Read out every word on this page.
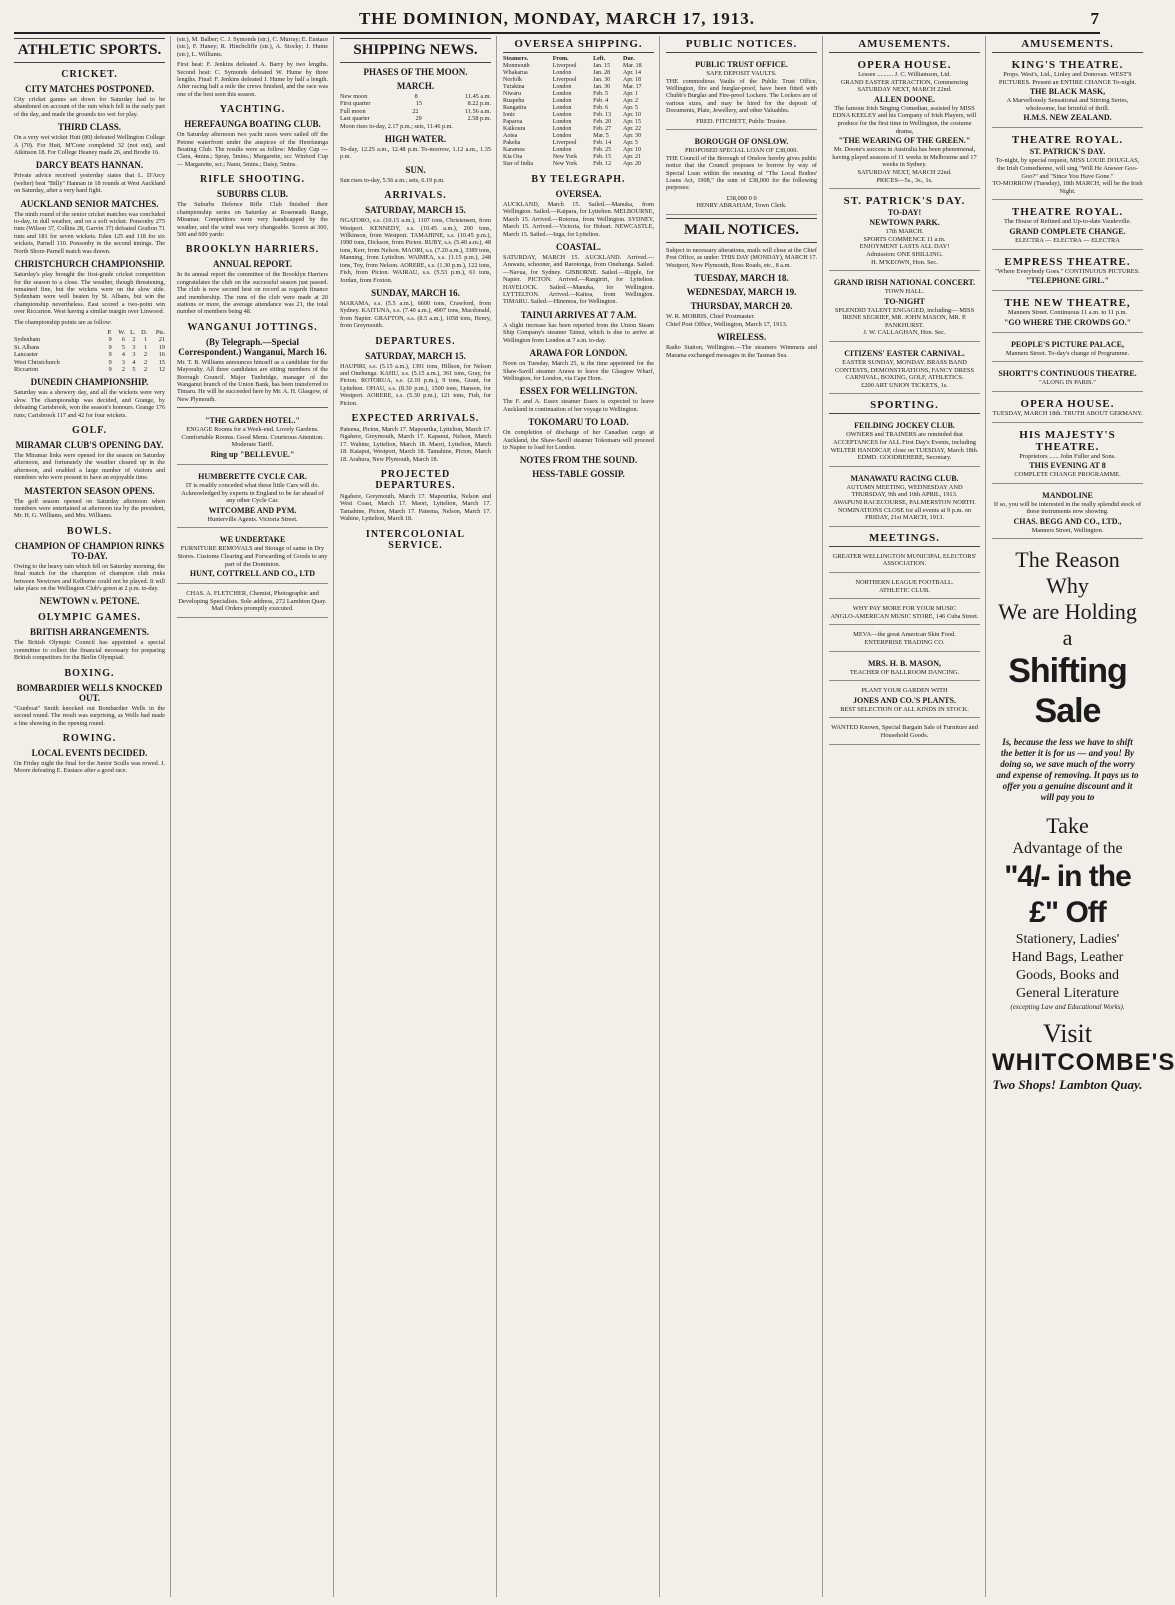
THE DOMINION, MONDAY, MARCH 17, 1913.	7
ATHLETIC SPORTS.
CRICKET.
CITY MATCHES POSTPONED.

City cricket games set down for Saturday had to be abandoned on account of the rain which fell in the early part of the day, and made the grounds too wet for play.

THIRD CLASS.

On a very wet wicket Hutt (80) defeated Wellington College A (70). For Hutt, M'Cone completed 32 (not out), and Atkinson 18. For College Heaney made 26, and Brodie 16.

DARCY BEATS HANNAN.

Private advice received yesterday states that L. D'Arcy (welter) beat "Billy" Hannan in 18 rounds at West Auckland on Saturday, after a very hard fight.

AUCKLAND SENIOR MATCHES.

The ninth round of the senior cricket matches was concluded to-day, in dull weather, and on a soft wicket. Ponsonby 275 runs (Wilson 37, Collins 28, Garvin 37) defeated Grafton 71 runs and 181 for seven wickets. Eden 125 and 118 for six wickets, Parnell 110. Ponsonby in the second innings. The North Shore-Parnell match was drawn.

CHRISTCHURCH CHAMPIONSHIP.

Saturday's play brought the first-grade cricket competition for the season to a close. The weather, though threatening, remained fine, but the wickets were on the slow side. Sydenham were well beaten by St. Albans, but win the championship nevertheless. East scored a two-point win over Riccarton. West having a similar margin over Linwood.

The championship points are as follow:

	P.	W.	L.	D.	Pts.
Sydenham	9	6	2	1	21
St. Albans	9	5	3	1	19
Lancaster	9	4	3	2	16
West Christchurch	9	3	4	2	15
Riccarton	9	2	5	2	12
DUNEDIN CHAMPIONSHIP.

Saturday was a showery day, and all the wickets were very slow. The championship was decided, and Grange, by defeating Carisbrook, won the season's honours. Grange 176 runs; Carisbrook 117 and 42 for four wickets.

GOLF.
MIRAMAR CLUB'S OPENING DAY.

The Miramar links were opened for the season on Saturday afternoon, and fortunately the weather cleared up in the afternoon, and enabled a large number of visitors and members who were present to have an enjoyable time.

MASTERTON SEASON OPENS.

The golf season opened on Saturday afternoon when members were entertained at afternoon tea by the president, Mr. H. G. Williams, and Mrs. Williams.

BOWLS.
CHAMPION OF CHAMPION RINKS TO-DAY.

Owing to the heavy rain which fell on Saturday morning, the final match for the champion of champion club rinks between Newtown and Kelburne could not be played. It will take place on the Wellington Club's green at 2 p.m. to-day.

NEWTOWN v. PETONE.
OLYMPIC GAMES.
BRITISH ARRANGEMENTS.

The British Olympic Council has appointed a special committee to collect the financial necessary for preparing British competitors for the Berlin Olympiad.

BOXING.
BOMBARDIER WELLS KNOCKED OUT.

"Gunboat" Smith knocked out Bombardier Wells in the second round. The result was surprising, as Wells had made a fine showing in the opening round.

ROWING.
LOCAL EVENTS DECIDED.

On Friday night the final for the Junior Sculls was rowed. J. Moore defeating E. Eustace after a good race.

(str.), M. Balber; C. J. Symonds (str.), C. Murray; E. Eustace (str.), F. Haney; R. Hinchcliffe (str.), A. Stocky; J. Hume (str.), L. Williams.

First heat: F. Jenkins defeated A. Barry by two lengths. Second heat: C. Symonds defeated W. Hume by three lengths. Final: F. Jenkins defeated J. Hume by half a length. After racing half a mile the crews finished, and the race was one of the best seen this season.

YACHTING.
HEREFAUNGA BOATING CLUB.

On Saturday afternoon two yacht races were sailed off the Petone waterfront under the auspices of the Herefaunga Boating Club. The results were as follow: Medley Cup — Clara, 4mins.; Spray, 5mins.; Margarette, scr. Winford Cup — Margarette, scr.; Nanu, 5mins.; Daisy, 5mins.

RIFLE SHOOTING.
SUBURBS CLUB.

The Suburbs Defence Rifle Club finished their championship series on Saturday at Roseneath Range, Miramar. Competitors were very handicapped by the weather, and the wind was very changeable. Scores at 300, 500 and 600 yards:

BROOKLYN HARRIERS.
ANNUAL REPORT.

In its annual report the committee of the Brooklyn Harriers congratulates the club on the successful season just passed. The club is now second best on record as regards finance and membership. The runs of the club were made at 20 stations or more, the average attendance was 21, the total number of members being 48.

WANGANUI JOTTINGS.
(By Telegraph.—Special Correspondent.) Wanganui, March 16.

Mr. T. B. Williams announces himself as a candidate for the Mayoralty. All three candidates are sitting members of the Borough Council. Major Tunbridge, manager of the Wanganui branch of the Union Bank, has been transferred to Timaru. He will be succeeded here by Mr. A. H. Glasgow, of New Plymouth.

"THE GARDEN HOTEL."
ENGAGE Rooms for a Week-end. Lovely Gardens. Comfortable Rooms. Good Menu. Courteous Attention. Moderate Tariff.
Ring up "BELLEVUE."
HUMBERETTE CYCLE CAR.
IT is readily conceded what these little Cars will do. Acknowledged by experts in England to be far ahead of any other Cycle Car.
WITCOMBE AND PYM.
Hunterville Agents. Victoria Street.
WE UNDERTAKE
FURNITURE REMOVALS and Storage of same in Dry Stores. Customs Clearing and Forwarding of Goods to any part of the Dominion.
HUNT, COTTRELL AND CO., LTD
CHAS. A. FLETCHER, Chemist, Photographic and Developing Specialists. Sole address, 272 Lambton Quay. Mail Orders promptly executed.
SHIPPING NEWS.
PHASES OF THE MOON.
MARCH.
New moon	8	11.45 a.m.
First quarter	15	8.22 p.m.
Full moon	22	11.56 a.m.
Last quarter	29	2.58 p.m.

Moon rises to-day, 2.17 p.m.; sets, 11.46 p.m.

HIGH WATER.

To-day, 12.25 a.m., 12.48 p.m. To-morrow, 1.12 a.m., 1.35 p.m.

SUN.

Sun rises to-day, 5.56 a.m.; sets, 6.19 p.m.

ARRIVALS.
SATURDAY, MARCH 15.

NGATORO, s.s. (10.15 a.m.), 1107 tons, Christensen, from Westport. KENNEDY, s.s. (10.45 a.m.), 200 tons, Wilkinson, from Westport. TAMAHINE, s.s. (10.45 p.m.), 1990 tons, Dickson, from Picton. RUBY, s.s. (5.40 a.m.), 48 tons, Kerr, from Nelson. MAORI, s.s. (7.20 a.m.), 3389 tons, Manning, from Lyttelton. WAIMEA, s.s. (1.15 p.m.), 248 tons, Toy, from Nelson. AORERE, s.s. (1.30 p.m.), 122 tons, Fish, from Picton. WAIRAU, s.s. (5.53 p.m.), 61 tons, Jordan, from Foxton.

SUNDAY, MARCH 16.

MARAMA, s.s. (5.5 a.m.), 6600 tons, Crawford, from Sydney. KAITUNA, s.s. (7.40 a.m.), 4907 tons, Macdonald, from Napier. GRAFTON, s.s. (8.5 a.m.), 1058 tons, Henry, from Greymouth.

DEPARTURES.
SATURDAY, MARCH 15.

HAUPIRI, s.s. (5.15 a.m.), 1391 tons, Hillson, for Nelson and Onehunga. KAHU, s.s. (5.15 a.m.), 361 tons, Gray, for Picton. ROTORUA, s.s. (2.10 p.m.), 9 tons, Grant, for Lyttelton. OHAU, s.s. (8.30 p.m.), 1500 tons, Hanson, for Westport. AORERE, s.s. (5.30 p.m.), 121 tons, Fish, for Picton.

EXPECTED ARRIVALS.

Pateena, Picton, March 17. Mapourika, Lyttelton, March 17. Ngahere, Greymouth, March 17. Kapanui, Nelson, March 17. Wahine, Lyttelton, March 18. Maori, Lyttelton, March 18. Kaiapoi, Westport, March 18. Tamahine, Picton, March 18. Arahura, New Plymouth, March 18.

PROJECTED DEPARTURES.

Ngahere, Greymouth, March 17. Mapourika, Nelson and West Coast, March 17. Maori, Lyttelton, March 17. Tamahine, Picton, March 17. Pateena, Nelson, March 17. Wahine, Lyttelton, March 18.

INTERCOLONIAL SERVICE.
OVERSEA SHIPPING.
Steamers.	From.	Left.	Due.
Monmouth	Liverpool	Jan. 15	Mar. 18
Whakarua	London	Jan. 28	Apr. 14
Norfolk	Liverpool	Jan. 30	Apr. 18
Turakina	London	Jan. 30	Mar. 17
Niwaru	London	Feb. 5	Apr. 1
Ruapehu	London	Feb. 4	Apr. 2
Rangatira	London	Feb. 6	Apr. 5
Ionic	London	Feb. 13	Apr. 10
Paparoa	London	Feb. 20	Apr. 15
Kaikoura	London	Feb. 27	Apr. 22
Aotea	London	Mar. 5	Apr. 30
Pakeha	Liverpool	Feb. 14	Apr. 5
Karamea	London	Feb. 25	Apr. 10
Kia Ora	New York	Feb. 15	Apr. 21
Star of India	New York	Feb. 12	Apr. 20
BY TELEGRAPH.
OVERSEA.

AUCKLAND, March 15. Sailed.—Manuka, from Wellington. Sailed.—Kaipara, for Lyttelton. MELBOURNE, March 15. Arrived.—Rotorua, from Wellington. SYDNEY, March 15. Arrived.—Victoria, for Hobart. NEWCASTLE, March 15. Sailed.—Inga, for Lyttelton.

COASTAL.

SATURDAY, MARCH 15. AUCKLAND. Arrived.—Arawatu, schooner, and Rarotonga, from Onehunga. Sailed.—Navua, for Sydney. GISBORNE. Sailed.—Ripple, for Napier. PICTON. Arrived.—Rangiriri, for Lyttelton. HAVELOCK. Sailed.—Manuka, for Wellington. LYTTELTON. Arrived.—Kaitoa, from Wellington. TIMARU. Sailed.—Hinemoa, for Wellington.

TAINUI ARRIVES AT 7 A.M.

A slight increase has been reported from the Union Steam Ship Company's steamer Tainui, which is due to arrive at Wellington from London at 7 a.m. to-day.

ARAWA FOR LONDON.

Noon on Tuesday, March 25, is the time appointed for the Shaw-Savill steamer Arawa to leave the Glasgow Wharf, Wellington, for London, via Cape Horn.

ESSEX FOR WELLINGTON.

The F. and A. Essex steamer Essex is expected to leave Auckland in continuation of her voyage to Wellington.

TOKOMARU TO LOAD.

On completion of discharge of her Canadian cargo at Auckland, the Shaw-Savill steamer Tokomaru will proceed to Napier to load for London.

NOTES FROM THE SOUND.
HESS-TABLE GOSSIP.
PUBLIC NOTICES.
PUBLIC TRUST OFFICE.
SAFE DEPOSIT VAULTS.

THE commodious Vaults of the Public Trust Office, Wellington, fire and burglar-proof, have been fitted with Chubb's Burglar and Fire-proof Lockers. The Lockers are of various sizes, and may be hired for the deposit of Documents, Plate, Jewellery, and other Valuables.

FRED. FITCHETT, Public Trustee.
BOROUGH OF ONSLOW.
PROPOSED SPECIAL LOAN OF £38,000.

THE Council of the Borough of Onslow hereby gives public notice that the Council proposes to borrow by way of Special Loan within the meaning of "The Local Bodies' Loans Act, 1908," the sum of £38,000 for the following purposes:

£38,000 0 0
HENRY ABRAHAM, Town Clerk.
MAIL NOTICES.

Subject to necessary alterations, mails will close at the Chief Post Office, as under: THIS DAY (MONDAY), MARCH 17. Westport, New Plymouth, Ross Roads, etc., 8 a.m.

TUESDAY, MARCH 18.
WEDNESDAY, MARCH 19.
THURSDAY, MARCH 20.
W. R. MORRIS, Chief Postmaster.
Chief Post Office, Wellington, March 17, 1913.
WIRELESS.

Radio Station, Wellington.—The steamers Wimmera and Marama exchanged messages in the Tasman Sea.

AMUSEMENTS.
OPERA HOUSE.
Lessee .......... J. C. Williamson, Ltd.
GRAND EASTER ATTRACTION, Commencing SATURDAY NEXT, MARCH 22nd.
ALLEN DOONE.
The famous Irish Singing Comedian, assisted by MISS EDNA KEELEY and his Company of Irish Players, will produce for the first time in Wellington, the costume drama,
"THE WEARING OF THE GREEN."
Mr. Doone's success in Australia has been phenomenal, having played seasons of 11 weeks in Melbourne and 17 weeks in Sydney.
SATURDAY NEXT, MARCH 22nd.
PRICES—5s., 3s., 1s.
ST. PATRICK'S DAY.
TO-DAY!
NEWTOWN PARK.
17th MARCH.
SPORTS COMMENCE 11 a.m.
ENJOYMENT LASTS ALL DAY!
Admission: ONE SHILLING.
H. M'KEOWN, Hon. Sec.
GRAND IRISH NATIONAL CONCERT.
TOWN HALL.
TO-NIGHT
SPLENDID TALENT ENGAGED, including— MISS IRENE SEGRIEF, MR. JOHN MASON, MR. P. PANKHURST.
J. W. CALLAGHAN, Hon. Sec.
CITIZENS' EASTER CARNIVAL.
EASTER SUNDAY, MONDAY. BRASS BAND CONTESTS, DEMONSTRATIONS, FANCY DRESS CARNIVAL, BOXING, GOLF, ATHLETICS.
£200 ART UNION TICKETS, 1s.
SPORTING.
FEILDING JOCKEY CLUB.
OWNERS and TRAINERS are reminded that ACCEPTANCES for ALL First Day's Events, including WELTER HANDICAP, close on TUESDAY, March 18th.
EDMD. GOODBEHERE, Secretary.
MANAWATU RACING CLUB.
AUTUMN MEETING, WEDNESDAY AND THURSDAY, 9th and 10th APRIL, 1913.
AWAPUNI RACECOURSE, PALMERSTON NORTH.
NOMINATIONS CLOSE for all events at 9 p.m. on FRIDAY, 21st MARCH, 1913.
MEETINGS.
GREATER WELLINGTON MUNICIPAL ELECTORS' ASSOCIATION.
NORTHERN LEAGUE FOOTBALL.
ATHLETIC CLUB.
WHY PAY MORE FOR YOUR MUSIC
ANGLO-AMERICAN MUSIC STORE, 146 Cuba Street.
MEVA—the great American Skin Food.
ENTERPRISE TRADING CO.
MRS. H. B. MASON,
TEACHER OF BALLROOM DANCING.
PLANT YOUR GARDEN WITH
JONES AND CO.'S PLANTS.
BEST SELECTION OF ALL KINDS IN STOCK.
WANTED Known, Special Bargain Sale of Furniture and Household Goods.
AMUSEMENTS.
KING'S THEATRE.
Props. West's, Ltd., Linley and Donovan. WEST'S PICTURES. Present an ENTIRE CHANGE To-night.
THE BLACK MASK,
A Marvellously Sensational and Stirring Series, wholesome, but brimful of thrill.
H.M.S. NEW ZEALAND.
THEATRE ROYAL.
ST. PATRICK'S DAY.
To-night, by special request, MISS LOUIE DOUGLAS, the Irish Comedienne, will sing "Will He Answer Goo-Goo?" and "Since You Have Gone."
TO-MORROW (Tuesday), 18th MARCH, will be the Irish Night.
THEATRE ROYAL.
The House of Refined and Up-to-date Vaudeville.
GRAND COMPLETE CHANGE.
ELECTRA — ELECTRA — ELECTRA
EMPRESS THEATRE.
"Where Everybody Goes." CONTINUOUS PICTURES.
"TELEPHONE GIRL."
THE NEW THEATRE,
Manners Street. Continuous 11 a.m. to 11 p.m.
"GO WHERE THE CROWDS GO."
PEOPLE'S PICTURE PALACE,
Manners Street. To-day's change of Programme.
SHORTT'S CONTINUOUS THEATRE.
"ALONG IN PARIS."
OPERA HOUSE.
TUESDAY, MARCH 18th. TRUTH ABOUT GERMANY.
HIS MAJESTY'S THEATRE.
Proprietors ...... John Fuller and Sons.
THIS EVENING AT 8
COMPLETE CHANGE PROGRAMME.
MANDOLINE
If so, you will be interested in the really splendid stock of these instruments now showing.
CHAS. BEGG AND CO., LTD.,
Manners Street, Wellington.
The Reason Why
We are Holding a
Shifting Sale
Is, because the less we have to shift the better it is for us — and you! By doing so, we save much of the worry and expense of removing. It pays us to offer you a genuine discount and it will pay you to
Take
Advantage of the
"4/- in the £" Off
Stationery, Ladies'
Hand Bags, Leather
Goods, Books and
General Literature
(excepting Law and Educational Works).
Visit
WHITCOMBE'S
Two Shops! Lambton Quay.
